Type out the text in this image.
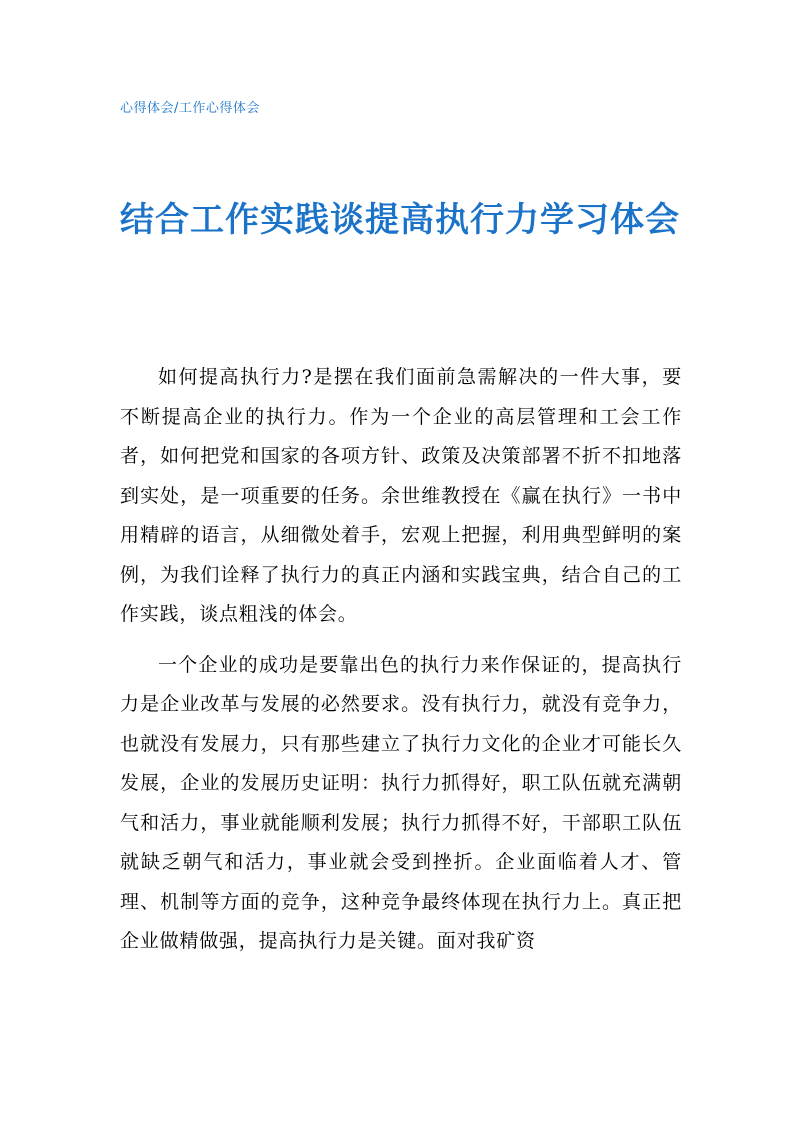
心得体会/工作心得体会
结合工作实践谈提高执行力学习体会

如何提高执行力?是摆在我们面前急需解决的一件大事，要不断提高企业的执行力。作为一个企业的高层管理和工会工作者，如何把党和国家的各项方针、政策及决策部署不折不扣地落到实处，是一项重要的任务。余世维教授在《赢在执行》一书中用精辟的语言，从细微处着手，宏观上把握，利用典型鲜明的案例，为我们诠释了执行力的真正内涵和实践宝典，结合自己的工作实践，谈点粗浅的体会。

一个企业的成功是要靠出色的执行力来作保证的，提高执行力是企业改革与发展的必然要求。没有执行力，就没有竞争力，也就没有发展力，只有那些建立了执行力文化的企业才可能长久发展，企业的发展历史证明：执行力抓得好，职工队伍就充满朝气和活力，事业就能顺利发展；执行力抓得不好，干部职工队伍就缺乏朝气和活力，事业就会受到挫折。企业面临着人才、管理、机制等方面的竞争，这种竞争最终体现在执行力上。真正把企业做精做强，提高执行力是关键。面对我矿资
